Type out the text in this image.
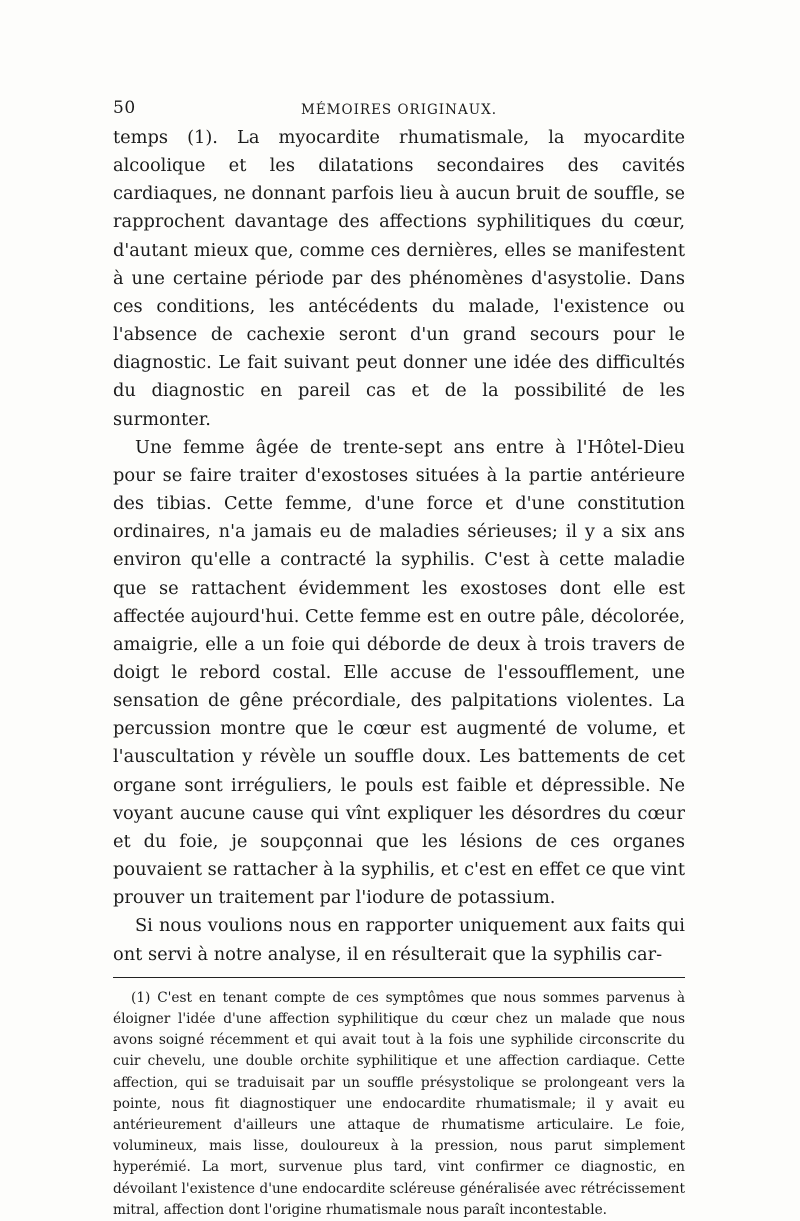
50	MÉMOIRES ORIGINAUX.

temps (1). La myocardite rhumatismale, la myocardite alcoolique et les dilatations secondaires des cavités cardiaques, ne donnant parfois lieu à aucun bruit de souffle, se rapprochent davantage des affections syphilitiques du cœur, d'autant mieux que, comme ces dernières, elles se manifestent à une certaine période par des phénomènes d'asystolie. Dans ces conditions, les antécédents du malade, l'existence ou l'absence de cachexie seront d'un grand secours pour le diagnostic. Le fait suivant peut donner une idée des difficultés du diagnostic en pareil cas et de la possibilité de les surmonter.

Une femme âgée de trente-sept ans entre à l'Hôtel-Dieu pour se faire traiter d'exostoses situées à la partie antérieure des tibias. Cette femme, d'une force et d'une constitution ordinaires, n'a jamais eu de maladies sérieuses; il y a six ans environ qu'elle a contracté la syphilis. C'est à cette maladie que se rattachent évidemment les exostoses dont elle est affectée aujourd'hui. Cette femme est en outre pâle, décolorée, amaigrie, elle a un foie qui déborde de deux à trois travers de doigt le rebord costal. Elle accuse de l'essoufflement, une sensation de gêne précordiale, des palpitations violentes. La percussion montre que le cœur est augmenté de volume, et l'auscultation y révèle un souffle doux. Les battements de cet organe sont irréguliers, le pouls est faible et dépressible. Ne voyant aucune cause qui vînt expliquer les désordres du cœur et du foie, je soupçonnai que les lésions de ces organes pouvaient se rattacher à la syphilis, et c'est en effet ce que vint prouver un traitement par l'iodure de potassium.

Si nous voulions nous en rapporter uniquement aux faits qui ont servi à notre analyse, il en résulterait que la syphilis car-

(1) C'est en tenant compte de ces symptômes que nous sommes parvenus à éloigner l'idée d'une affection syphilitique du cœur chez un malade que nous avons soigné récemment et qui avait tout à la fois une syphilide circonscrite du cuir chevelu, une double orchite syphilitique et une affection cardiaque. Cette affection, qui se traduisait par un souffle présystolique se prolongeant vers la pointe, nous fit diagnostiquer une endocardite rhumatismale; il y avait eu antérieurement d'ailleurs une attaque de rhumatisme articulaire. Le foie, volumineux, mais lisse, douloureux à la pression, nous parut simplement hyperémié. La mort, survenue plus tard, vint confirmer ce diagnostic, en dévoilant l'existence d'une endocardite scléreuse généralisée avec rétrécissement mitral, affection dont l'origine rhumatismale nous paraît incontestable.
